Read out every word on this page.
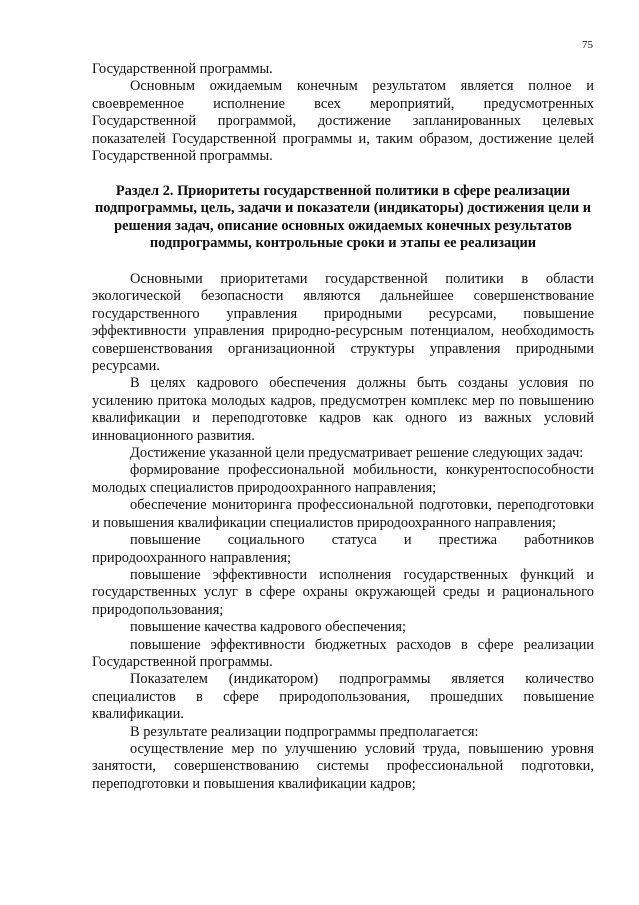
75

Государственной программы.

Основным ожидаемым конечным результатом является полное и своевременное исполнение всех мероприятий, предусмотренных Государственной программой, достижение запланированных целевых показателей Государственной программы и, таким образом, достижение целей Государственной программы.

Раздел 2. Приоритеты государственной политики в сфере реализации подпрограммы, цель, задачи и показатели (индикаторы) достижения цели и решения задач, описание основных ожидаемых конечных результатов подпрограммы, контрольные сроки и этапы ее реализации

Основными приоритетами государственной политики в области экологической безопасности являются дальнейшее совершенствование государственного управления природными ресурсами, повышение эффективности управления природно-ресурсным потенциалом, необходимость совершенствования организационной структуры управления природными ресурсами.

В целях кадрового обеспечения должны быть созданы условия по усилению притока молодых кадров, предусмотрен комплекс мер по повышению квалификации и переподготовке кадров как одного из важных условий инновационного развития.

Достижение указанной цели предусматривает решение следующих задач:

формирование профессиональной мобильности, конкурентоспособности молодых специалистов природоохранного направления;

обеспечение мониторинга профессиональной подготовки, переподготовки и повышения квалификации специалистов природоохранного направления;

повышение социального статуса и престижа работников природоохранного направления;

повышение эффективности исполнения государственных функций и государственных услуг в сфере охраны окружающей среды и рационального природопользования;

повышение качества кадрового обеспечения;

повышение эффективности бюджетных расходов в сфере реализации Государственной программы.

Показателем (индикатором) подпрограммы является количество специалистов в сфере природопользования, прошедших повышение квалификации.

В результате реализации подпрограммы предполагается:

осуществление мер по улучшению условий труда, повышению уровня занятости, совершенствованию системы профессиональной подготовки, переподготовки и повышения квалификации кадров;
